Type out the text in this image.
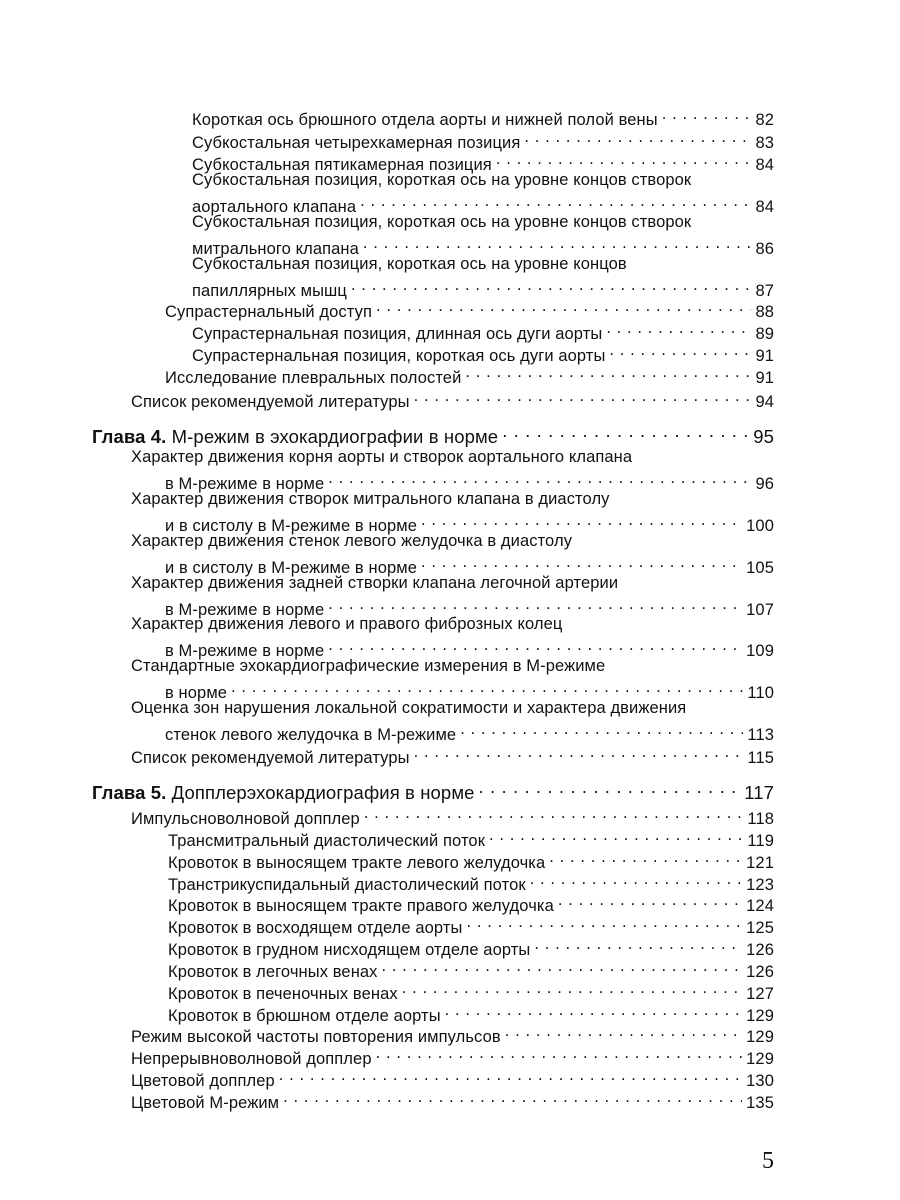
Короткая ось брюшного отдела аорты и нижней полой вены . . .	82
Субкостальная четырехкамерная позиция . . .	83
Субкостальная пятикамерная позиция . . .	84
Субкостальная позиция, короткая ось на уровне концов створок
аортального клапана . . .	84
Субкостальная позиция, короткая ось на уровне концов створок
митрального клапана . . .	86
Субкостальная позиция, короткая ось на уровне концов
папиллярных мышц . . .	87
Супрастернальный доступ . . .	88
Супрастернальная позиция, длинная ось дуги аорты . . .	89
Супрастернальная позиция, короткая ось дуги аорты . . .	91
Исследование плевральных полостей . . .	91
Список рекомендуемой литературы . . .	94
Глава 4. М-режим в эхокардиографии в норме . . .	95
Характер движения корня аорты и створок аортального клапана
в М-режиме в норме . . .	96
Характер движения створок митрального клапана в диастолу
и в систолу в М-режиме в норме . . .	100
Характер движения стенок левого желудочка в диастолу
и в систолу в М-режиме в норме . . .	105
Характер движения задней створки клапана легочной артерии
в М-режиме в норме . . .	107
Характер движения левого и правого фиброзных колец
в М-режиме в норме . . .	109
Стандартные эхокардиографические измерения в М-режиме
в норме . . .	110
Оценка зон нарушения локальной сократимости и характера движения
стенок левого желудочка в М-режиме . . .	113
Список рекомендуемой литературы . . .	115
Глава 5. Допплерэхокардиография в норме . . .	117
Импульсноволновой допплер . . .	118
Трансмитральный диастолический поток . . .	119
Кровоток в выносящем тракте левого желудочка . . .	121
Транстрикуспидальный диастолический поток . . .	123
Кровоток в выносящем тракте правого желудочка . . .	124
Кровоток в восходящем отделе аорты . . .	125
Кровоток в грудном нисходящем отделе аорты . . .	126
Кровоток в легочных венах . . .	126
Кровоток в печеночных венах . . .	127
Кровоток в брюшном отделе аорты . . .	129
Режим высокой частоты повторения импульсов . . .	129
Непрерывноволновой допплер . . .	129
Цветовой допплер . . .	130
Цветовой М-режим . . .	135
5
